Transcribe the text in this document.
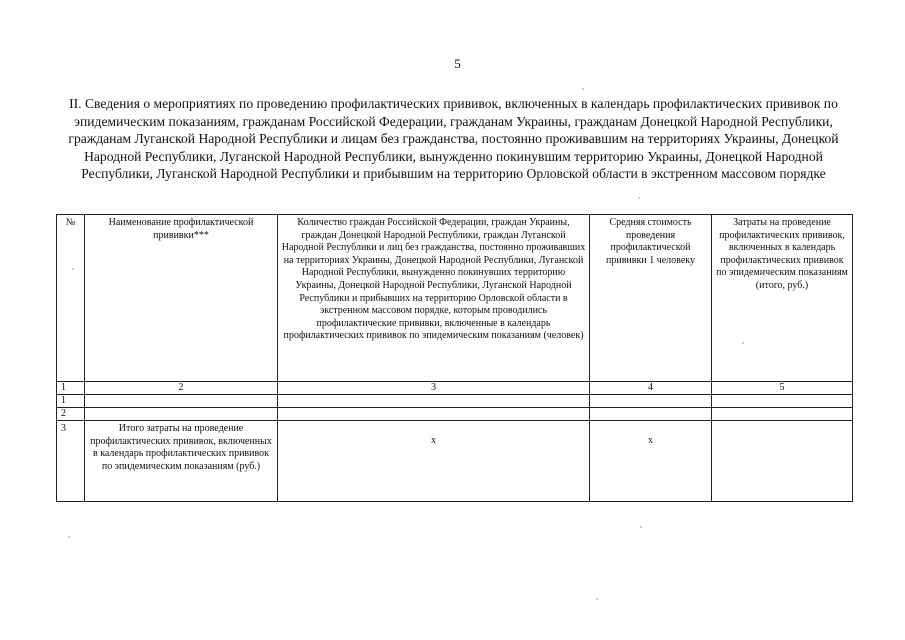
5
II. Сведения о мероприятиях по проведению профилактических прививок, включенных в календарь профилактических прививок по эпидемическим показаниям, гражданам Российской Федерации, гражданам Украины, гражданам Донецкой Народной Республики, гражданам Луганской Народной Республики и лицам без гражданства, постоянно проживавшим на территориях Украины, Донецкой Народной Республики, Луганской Народной Республики, вынужденно покинувшим территорию Украины, Донецкой Народной Республики, Луганской Народной Республики и прибывшим на территорию Орловской области в экстренном массовом порядке
№	Наименование профилактической прививки***	Количество граждан Российской Федерации, граждан Украины, граждан Донецкой Народной Республики, граждан Луганской Народной Республики и лиц без гражданства, постоянно проживавших на территориях Украины, Донецкой Народной Республики, Луганской Народной Республики, вынужденно покинувших территорию Украины, Донецкой Народной Республики, Луганской Народной Республики и прибывших на территорию Орловской области в экстренном массовом порядке, которым проводились профилактические прививки, включенные в календарь профилактических прививок по эпидемическим показаниям (человек)	Средняя стоимость проведения профилактической прививки 1 человеку	Затраты на проведение профилактических прививок, включенных в календарь профилактических прививок по эпидемическим показаниям (итого, руб.)
1	2	3	4	5
1				
2				
3	Итого затраты на проведение профилактических прививок, включенных в календарь профилактических прививок по эпидемическим показаниям (руб.)	x	x	
